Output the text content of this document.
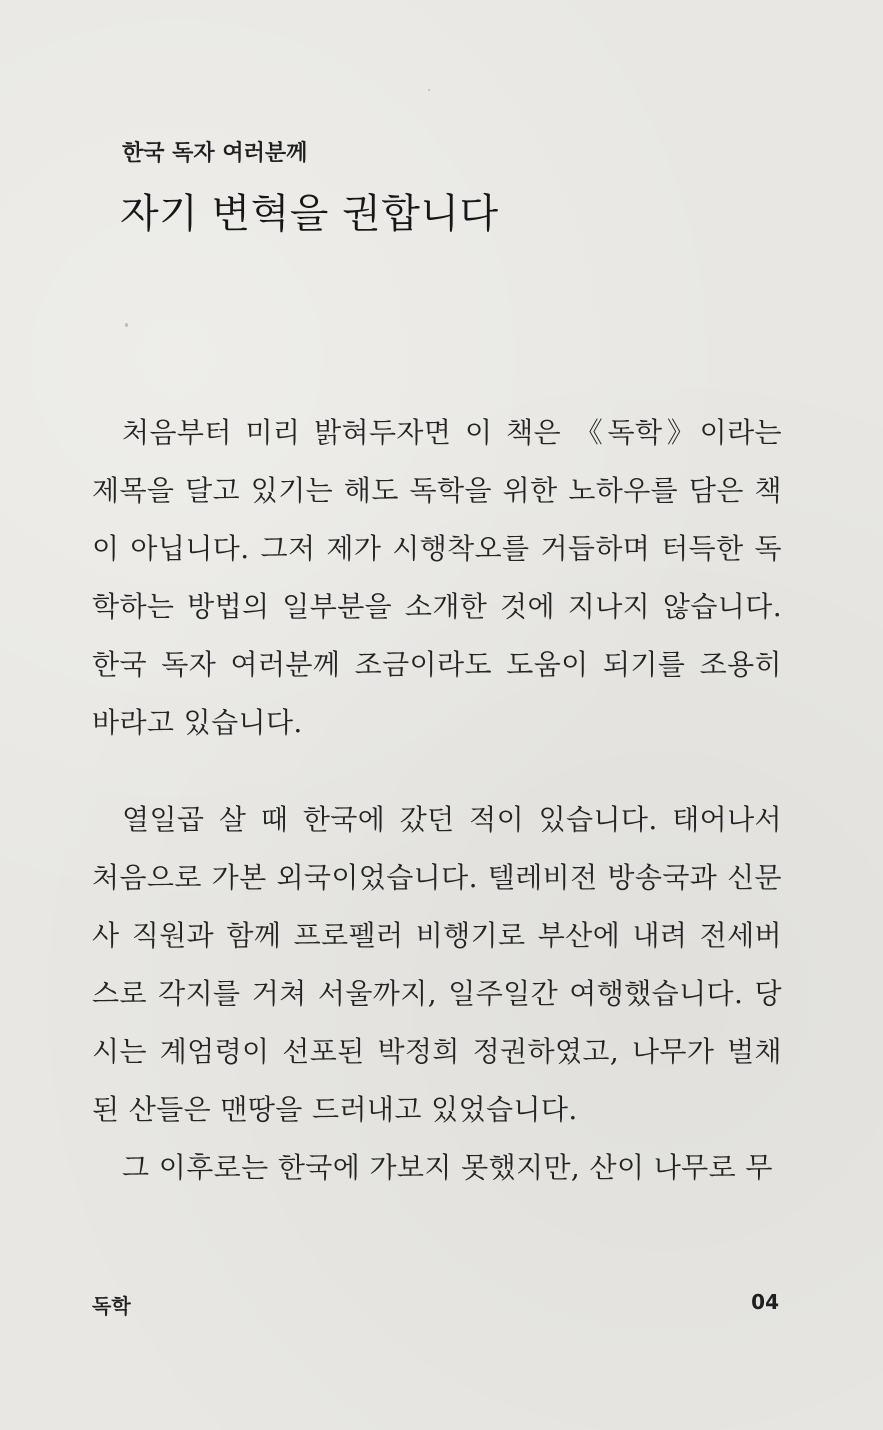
한국 독자 여러분께
자기 변혁을 권합니다

처음부터 미리 밝혀두자면 이 책은 《독학》이라는 제목을 달고 있기는 해도 독학을 위한 노하우를 담은 책이 아닙니다. 그저 제가 시행착오를 거듭하며 터득한 독학하는 방법의 일부분을 소개한 것에 지나지 않습니다. 한국 독자 여러분께 조금이라도 도움이 되기를 조용히 바라고 있습니다.

열일곱 살 때 한국에 갔던 적이 있습니다. 태어나서 처음으로 가본 외국이었습니다. 텔레비전 방송국과 신문사 직원과 함께 프로펠러 비행기로 부산에 내려 전세버스로 각지를 거쳐 서울까지, 일주일간 여행했습니다. 당시는 계엄령이 선포된 박정희 정권하였고, 나무가 벌채된 산들은 맨땅을 드러내고 있었습니다.

그 이후로는 한국에 가보지 못했지만, 산이 나무로 무

독학	04
